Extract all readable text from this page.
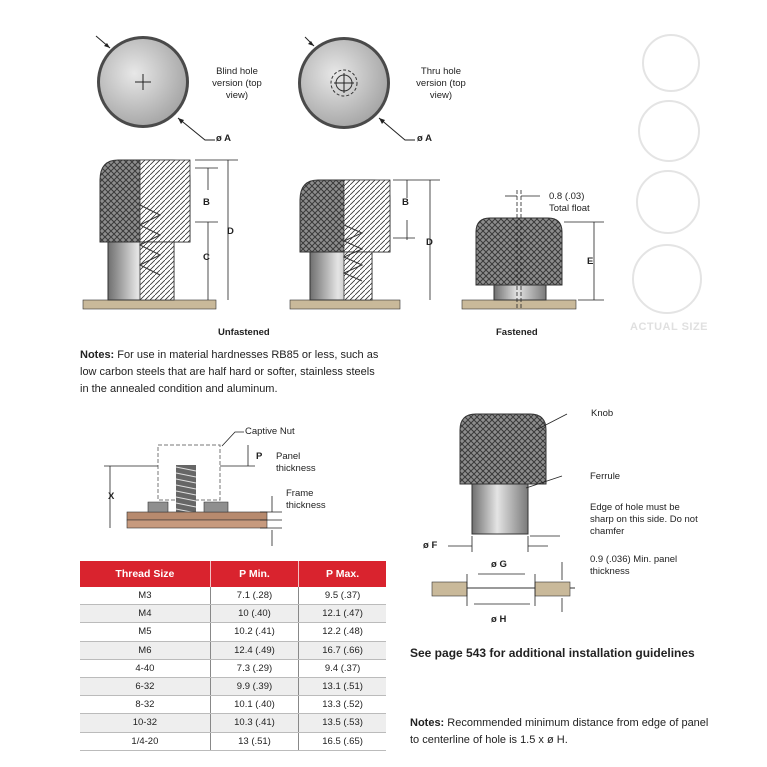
Blind hole version (top view)
Thru hole version (top view)
ø A	ø A
B
C
D
B
D
Unfastened
0.8 (.03)
Total float
E
Fastened	ACTUAL SIZE
Notes: For use in material hardnesses RB85 or less, such as low carbon steels that are half hard or softer, stainless steels in the annealed condition and aluminum.
Captive Nut
P Panel thickness
Frame thickness
X
Knob
Ferrule
Edge of hole must be sharp on this side. Do not chamfer
ø F
ø G	0.9 (.036) Min. panel thickness
ø H
Thread Size	P Min.	P Max.
M3	7.1 (.28)	9.5 (.37)
M4	10 (.40)	12.1 (.47)
M5	10.2 (.41)	12.2 (.48)
M6	12.4 (.49)	16.7 (.66)
4-40	7.3 (.29)	9.4 (.37)
6-32	9.9 (.39)	13.1 (.51)
8-32	10.1 (.40)	13.3 (.52)
10-32	10.3 (.41)	13.5 (.53)
1/4-20	13 (.51)	16.5 (.65)
See page 543 for additional installation guidelines
Notes: Recommended minimum distance from edge of panel to centerline of hole is 1.5 x ø H.
